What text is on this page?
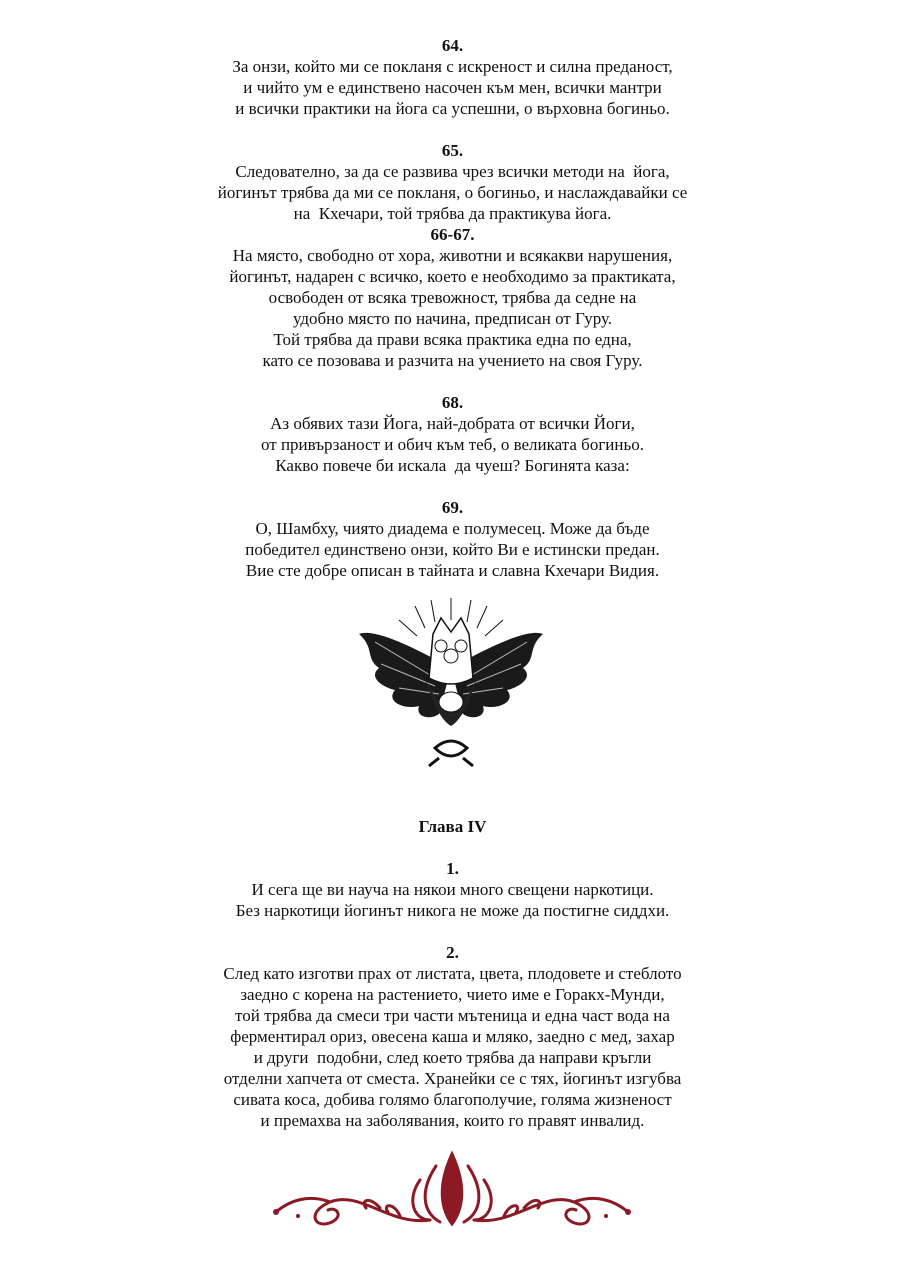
64.
За онзи, който ми се покланя с искреност и силна преданост,
и чийто ум е единствено насочен към мен, всички мантри
и всички практики на йога са успешни, о върховна богиньо.
65.
Следователно, за да се развива чрез всички методи на  йога,
йогинът трябва да ми се покланя, о богиньо, и наслаждавайки се
на  Кхечари, той трябва да практикува йога.
66-67.
На място, свободно от хора, животни и всякакви нарушения,
йогинът, надарен с всичко, което е необходимо за практиката,
освободен от всяка тревожност, трябва да седне на
удобно място по начина, предписан от Гуру.
Той трябва да прави всяка практика една по една,
като се позовава и разчита на учението на своя Гуру.
68.
Аз обявих тази Йога, най-добрата от всички Йоги,
от привързаност и обич към теб, о великата богиньо.
Какво повече би искала  да чуеш? Богинята каза:
69.
О, Шамбху, чиято диадема е полумесец. Може да бъде
победител единствено онзи, който Ви е истински предан.
Вие сте добре описан в тайната и славна Кхечари Видия.
Глава IV
1.
И сега ще ви науча на някои много свещени наркотици.
Без наркотици йогинът никога не може да постигне сиддхи.
2.
След като изготви прах от листата, цвета, плодовете и стеблото
заедно с корена на растението, чието име е Горакх-Мунди,
той трябва да смеси три части мътеница и една част вода на
ферментирал ориз, овесена каша и мляко, заедно с мед, захар
и други  подобни, след което трябва да направи кръгли
отделни хапчета от сместа. Хранейки се с тях, йогинът изгубва
сивата коса, добива голямо благополучие, голяма жизненост
и премахва на заболявания, които го правят инвалид.
